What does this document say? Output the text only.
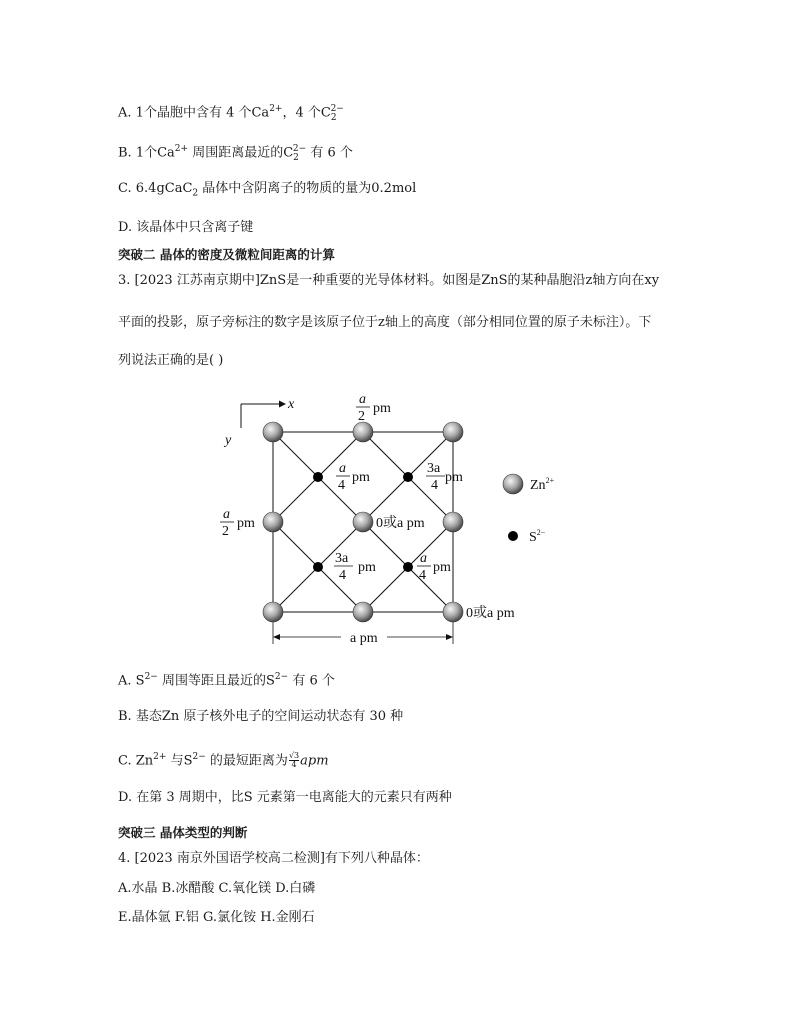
A. 1个晶胞中含有 4 个$Ca^{2+}$，4 个$C_2^{2-}$
B. 1个$Ca^{2+}$ 周围距离最近的$C_2^{2-}$ 有 6 个
C. 6.4gCaC$_2$ 晶体中含阴离子的物质的量为0.2mol
D. 该晶体中只含离子键
突破二 晶体的密度及微粒间距离的计算
3. [2023 江苏南京期中]ZnS是一种重要的光导体材料。如图是ZnS的某种晶胞沿z轴方向在xy
平面的投影，原子旁标注的数字是该原子位于z轴上的高度（部分相同位置的原子未标注）。下
列说法正确的是( )
x
y
a pm
a
2
pm
a
2
pm
a
4
pm
3a
4
pm
3a
4
pm
a
4
pm
0或a pm
0或a pm
$Zn^{2+}$
$S^{2-}$
A. $S^{2-}$ 周围等距且最近的$S^{2-}$ 有 6 个
B. 基态Zn 原子核外电子的空间运动状态有 30 种
C. $Zn^{2+}$ 与$S^{2-}$ 的最短距离为 $\frac{√3}{4}$ apm
D. 在第 3 周期中，比S 元素第一电离能大的元素只有两种
突破三 晶体类型的判断
4. [2023 南京外国语学校高二检测]有下列八种晶体：
A.水晶 B.冰醋酸 C.氧化镁 D.白磷
E.晶体氩 F.铝 G.氯化铵 H.金刚石
